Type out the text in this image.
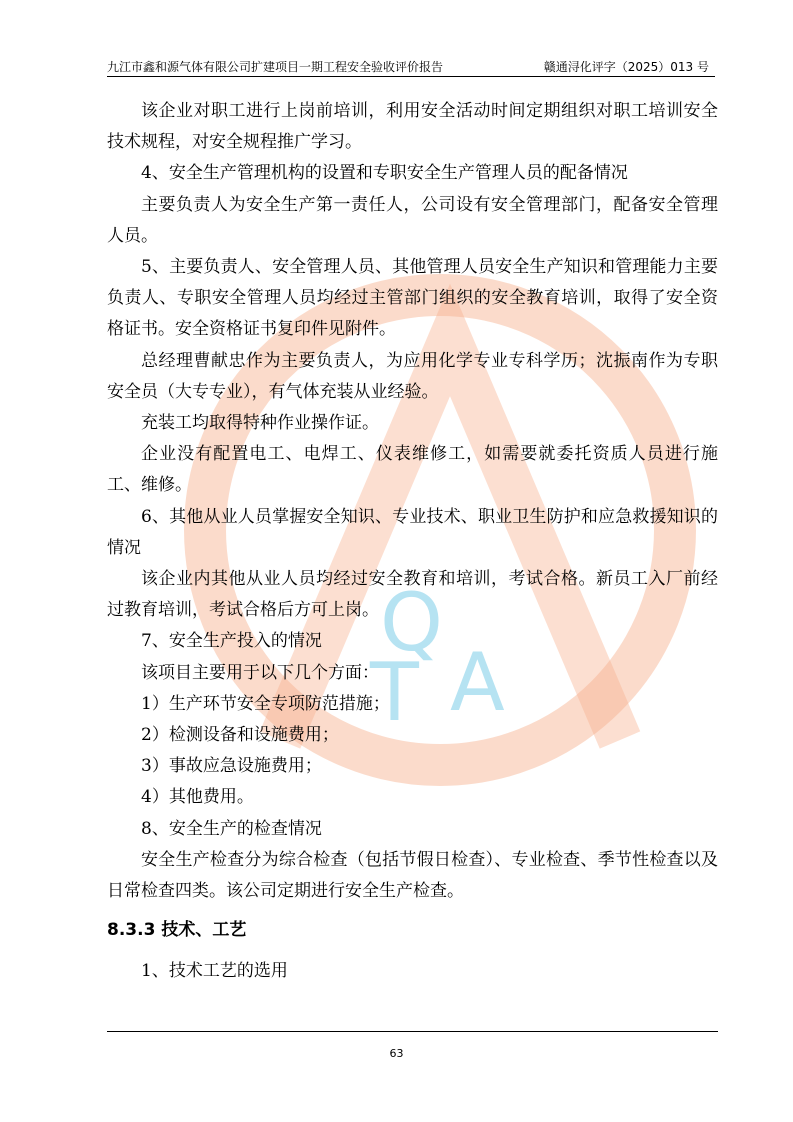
Q
T A
九江市鑫和源气体有限公司扩建项目一期工程安全验收评价报告	赣通浔化评字（2025）013 号

该企业对职工进行上岗前培训，利用安全活动时间定期组织对职工培训安全技术规程，对安全规程推广学习。

4、安全生产管理机构的设置和专职安全生产管理人员的配备情况

主要负责人为安全生产第一责任人，公司设有安全管理部门，配备安全管理人员。

5、主要负责人、安全管理人员、其他管理人员安全生产知识和管理能力主要负责人、专职安全管理人员均经过主管部门组织的安全教育培训，取得了安全资格证书。安全资格证书复印件见附件。

总经理曹献忠作为主要负责人，为应用化学专业专科学历；沈振南作为专职安全员（大专专业），有气体充装从业经验。

充装工均取得特种作业操作证。

企业没有配置电工、电焊工、仪表维修工，如需要就委托资质人员进行施工、维修。

6、其他从业人员掌握安全知识、专业技术、职业卫生防护和应急救援知识的情况

该企业内其他从业人员均经过安全教育和培训，考试合格。新员工入厂前经过教育培训，考试合格后方可上岗。

7、安全生产投入的情况

该项目主要用于以下几个方面：

1）生产环节安全专项防范措施；

2）检测设备和设施费用；

3）事故应急设施费用；

4）其他费用。

8、安全生产的检查情况

安全生产检查分为综合检查（包括节假日检查）、专业检查、季节性检查以及日常检查四类。该公司定期进行安全生产检查。

8.3.3 技术、工艺

1、技术工艺的选用

63
